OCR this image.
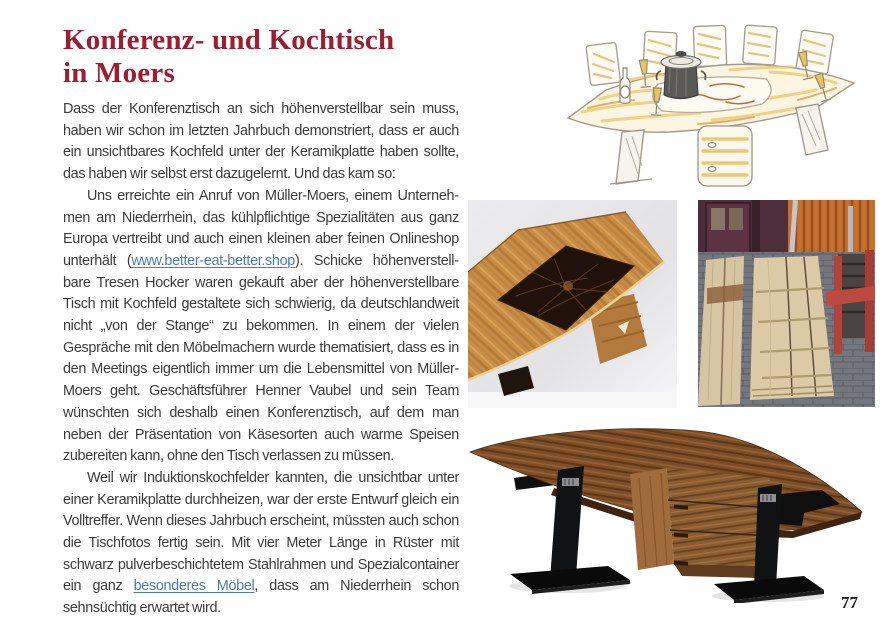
Konferenz- und Kochtisch
in Moers

Dass der Konferenztisch an sich höhenverstellbar sein muss, haben wir schon im letzten Jahrbuch demonstriert, dass er auch ein unsichtbares Kochfeld unter der Keramikplatte haben sollte, das haben wir selbst erst dazugelernt. Und das kam so:

Uns erreichte ein Anruf von Müller-Moers, einem Unternehmen am Niederrhein, das kühlpflichtige Spezialitäten aus ganz Europa vertreibt und auch einen kleinen aber feinen Onlineshop unterhält (www.better-eat-better.shop). Schicke höhenverstellbare Tresen Hocker waren gekauft aber der höhenverstellbare Tisch mit Kochfeld gestaltete sich schwierig, da deutschlandweit nicht „von der Stange“ zu bekommen. In einem der vielen Gespräche mit den Möbelmachern wurde thematisiert, dass es in den Meetings eigentlich immer um die Lebensmittel von Müller-Moers geht. Geschäftsführer Henner Vaubel und sein Team wünschten sich deshalb einen Konferenztisch, auf dem man neben der Präsentation von Käsesorten auch warme Speisen zubereiten kann, ohne den Tisch verlassen zu müssen.

Weil wir Induktionskochfelder kannten, die unsichtbar unter einer Keramikplatte durchheizen, war der erste Entwurf gleich ein Volltreffer. Wenn dieses Jahrbuch erscheint, müssten auch schon die Tischfotos fertig sein. Mit vier Meter Länge in Rüster mit schwarz pulverbeschichtetem Stahlrahmen und Spezialcontainer ein ganz besonderes Möbel, dass am Niederrhein schon sehnsüchtig erwartet wird.	77
